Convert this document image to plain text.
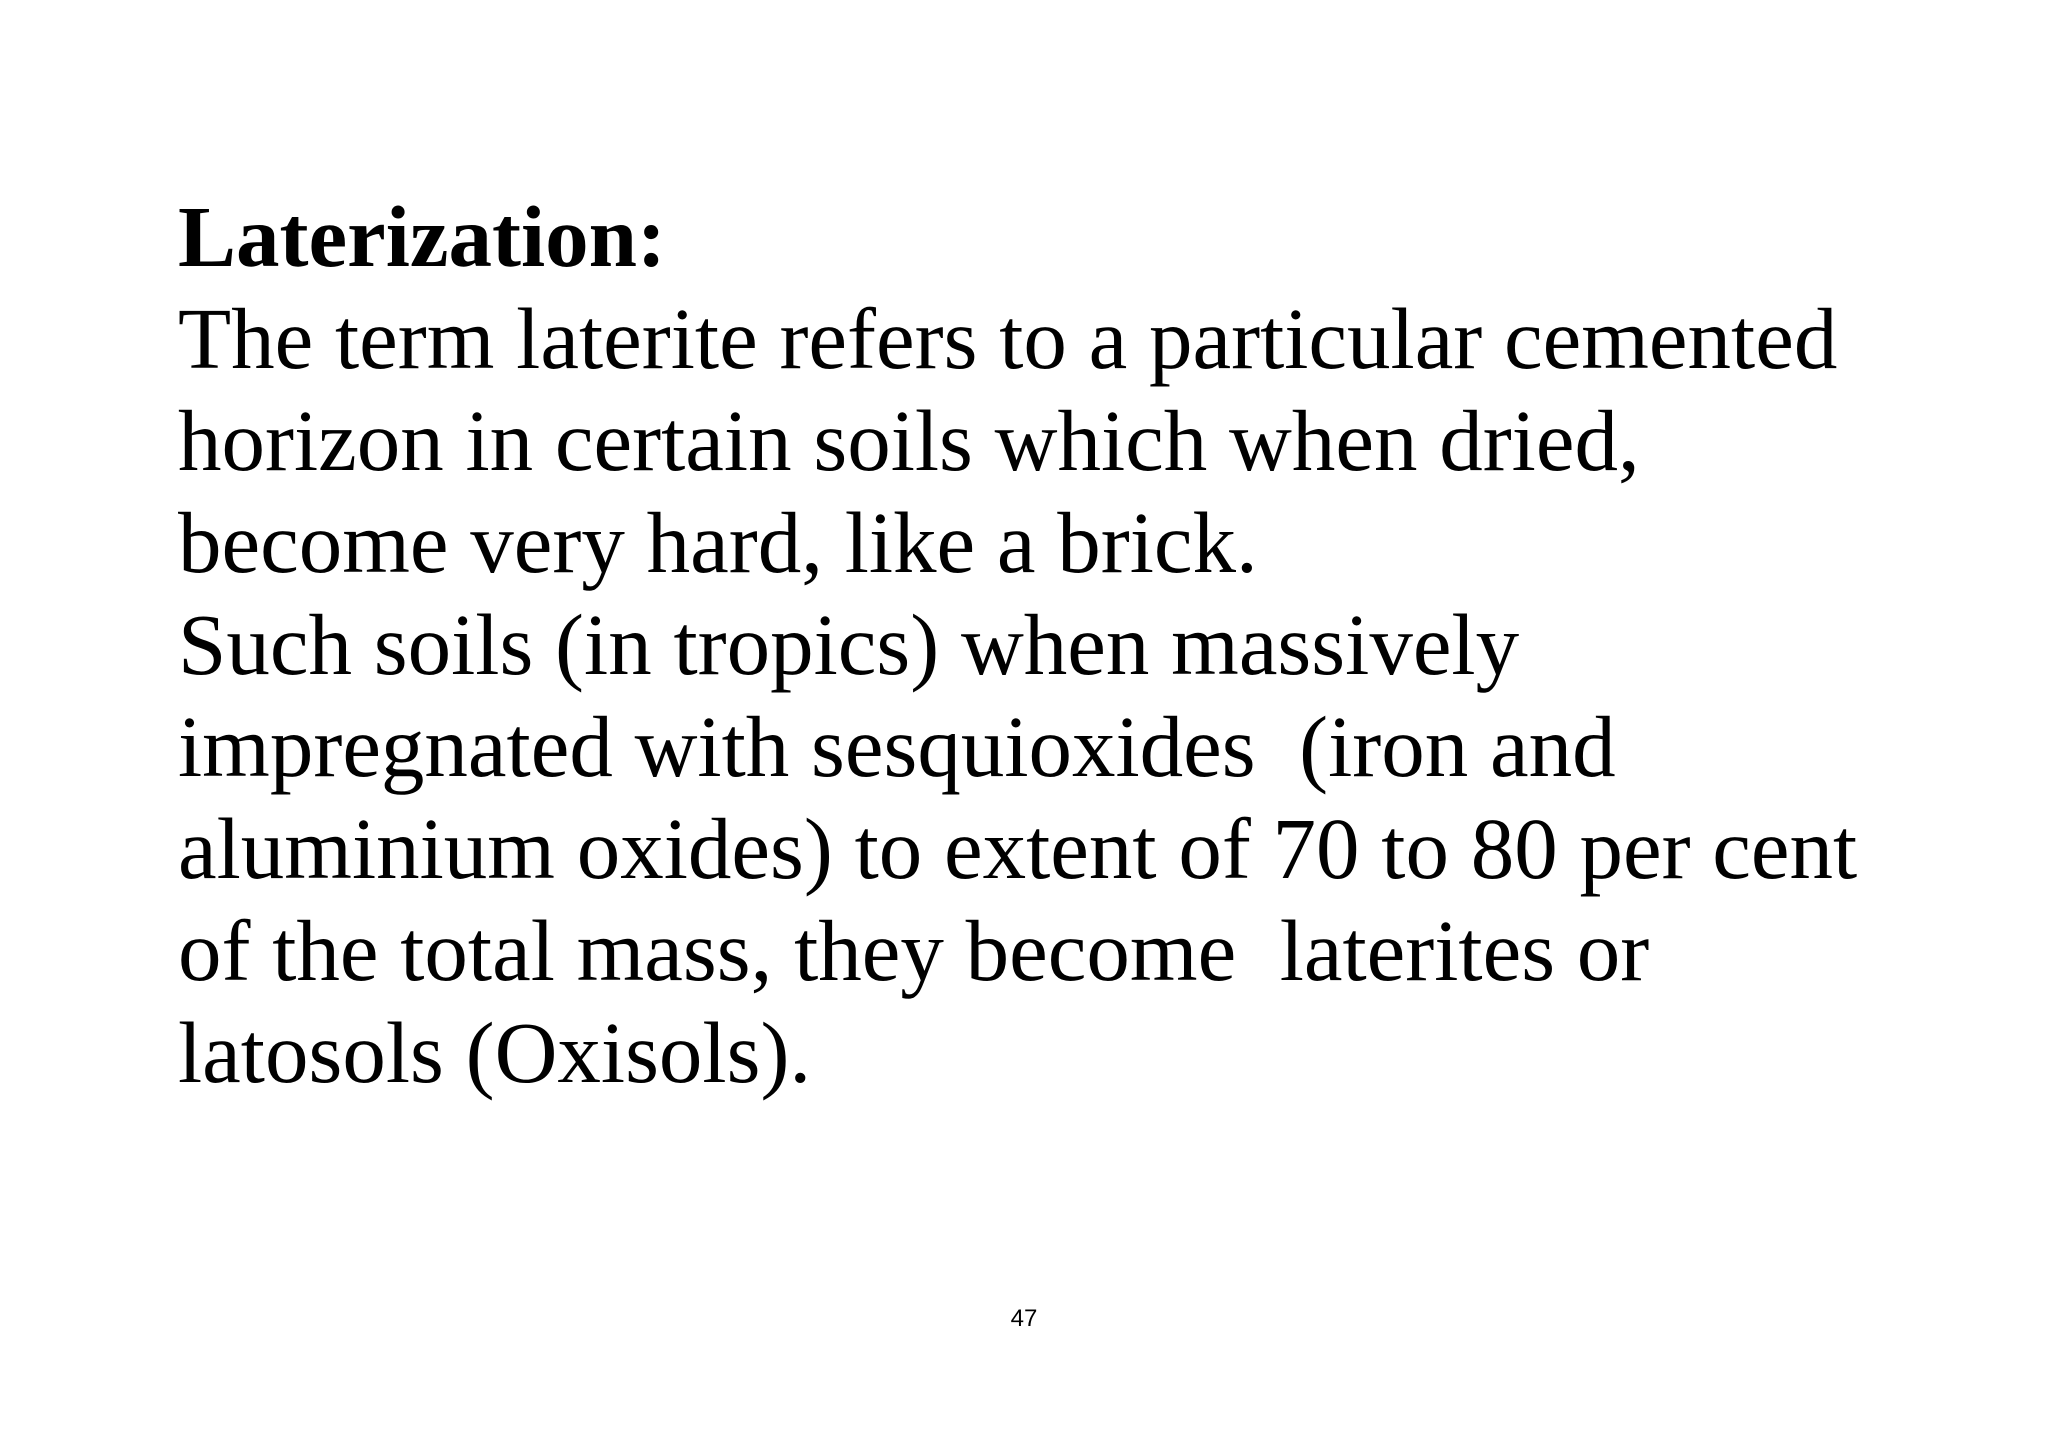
Laterization:
The term laterite refers to a particular cemented
horizon in certain soils which when dried,
become very hard, like a brick.
Such soils (in tropics) when massively
impregnated with sesquioxides  (iron and
aluminium oxides) to extent of 70 to 80 per cent
of the total mass, they become  laterites or
latosols (Oxisols).
47
